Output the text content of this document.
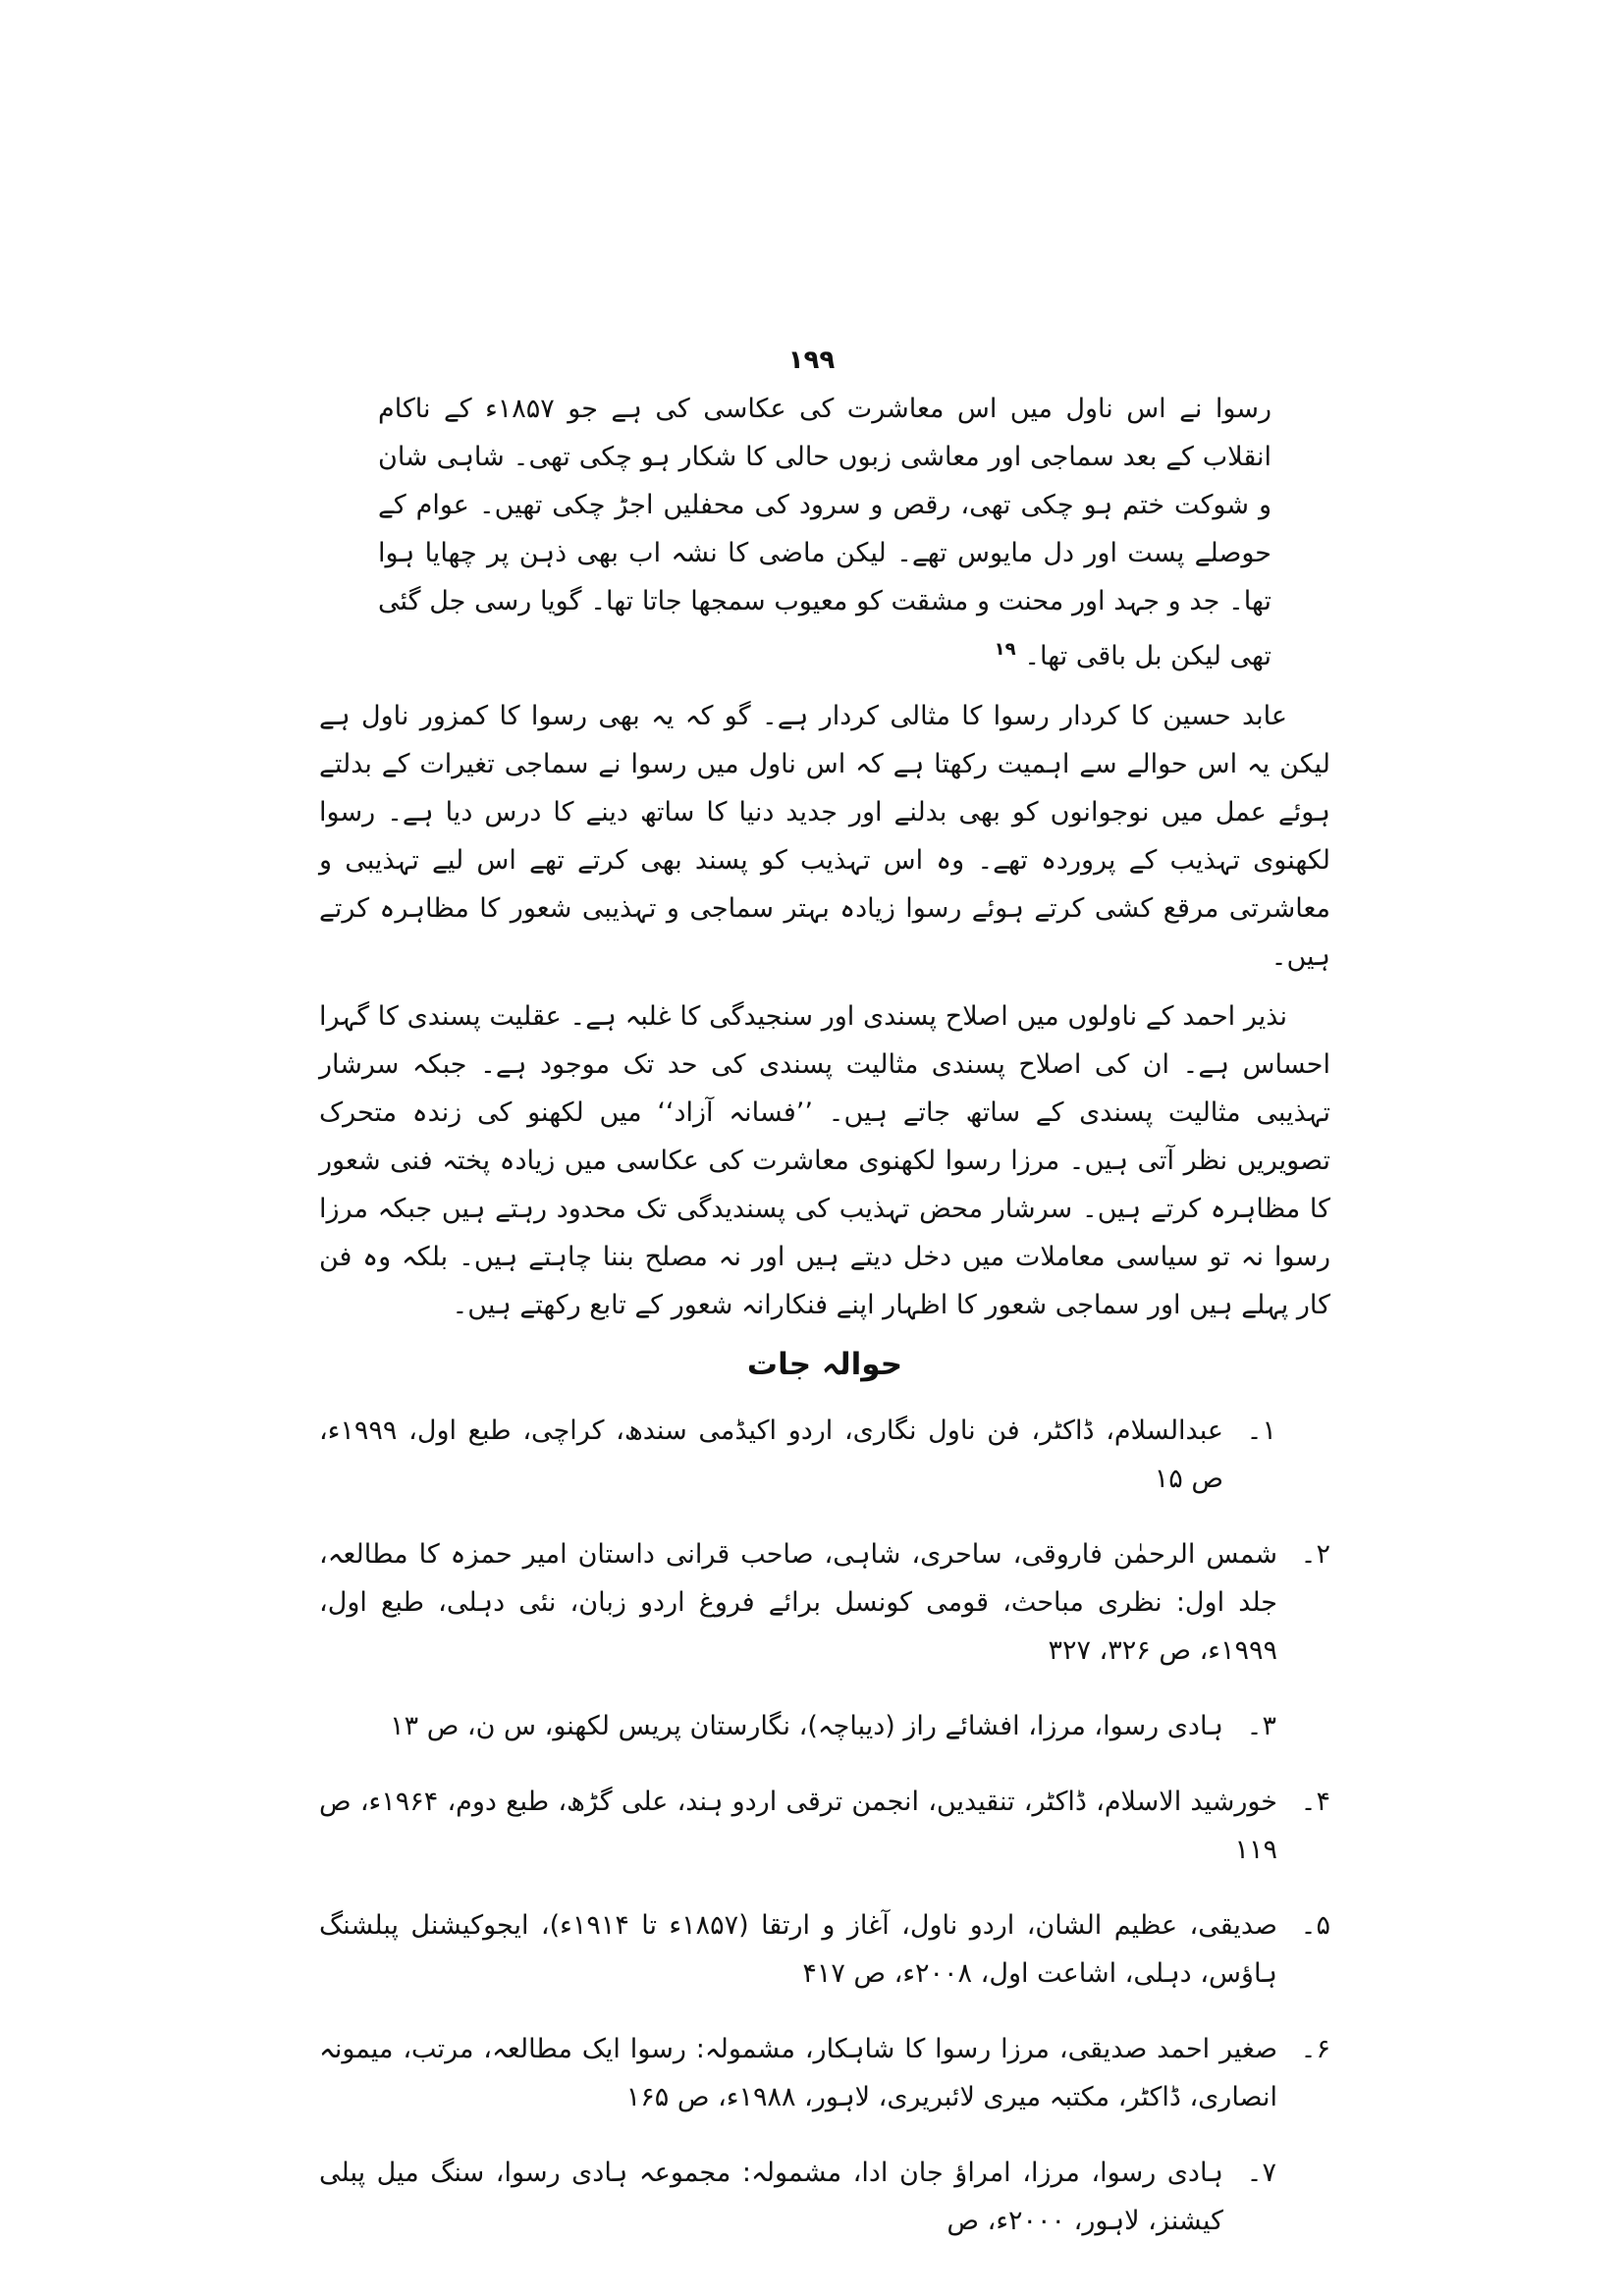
۱۹۹
رسوا نے اس ناول میں اس معاشرت کی عکاسی کی ہے جو ۱۸۵۷ء کے ناکام انقلاب کے بعد سماجی اور معاشی زبوں حالی کا شکار ہو چکی تھی۔ شاہی شان و شوکت ختم ہو چکی تھی، رقص و سرود کی محفلیں اجڑ چکی تھیں۔ عوام کے حوصلے پست اور دل مایوس تھے۔ لیکن ماضی کا نشہ اب بھی ذہن پر چھایا ہوا تھا۔ جد و جہد اور محنت و مشقت کو معیوب سمجھا جاتا تھا۔ گویا رسی جل گئی تھی لیکن بل باقی تھا۔ $^{۱۹}$

عابد حسین کا کردار رسوا کا مثالی کردار ہے۔ گو کہ یہ بھی رسوا کا کمزور ناول ہے لیکن یہ اس حوالے سے اہمیت رکھتا ہے کہ اس ناول میں رسوا نے سماجی تغیرات کے بدلتے ہوئے عمل میں نوجوانوں کو بھی بدلنے اور جدید دنیا کا ساتھ دینے کا درس دیا ہے۔ رسوا لکھنوی تہذیب کے پروردہ تھے۔ وہ اس تہذیب کو پسند بھی کرتے تھے اس لیے تہذیبی و معاشرتی مرقع کشی کرتے ہوئے رسوا زیادہ بہتر سماجی و تہذیبی شعور کا مظاہرہ کرتے ہیں۔

نذیر احمد کے ناولوں میں اصلاح پسندی اور سنجیدگی کا غلبہ ہے۔ عقلیت پسندی کا گہرا احساس ہے۔ ان کی اصلاح پسندی مثالیت پسندی کی حد تک موجود ہے۔ جبکہ سرشار تہذیبی مثالیت پسندی کے ساتھ جاتے ہیں۔ ’’فسانہ آزاد‘‘ میں لکھنو کی زندہ متحرک تصویریں نظر آتی ہیں۔ مرزا رسوا لکھنوی معاشرت کی عکاسی میں زیادہ پختہ فنی شعور کا مظاہرہ کرتے ہیں۔ سرشار محض تہذیب کی پسندیدگی تک محدود رہتے ہیں جبکہ مرزا رسوا نہ تو سیاسی معاملات میں دخل دیتے ہیں اور نہ مصلح بننا چاہتے ہیں۔ بلکہ وہ فن کار پہلے ہیں اور سماجی شعور کا اظہار اپنے فنکارانہ شعور کے تابع رکھتے ہیں۔

حوالہ جات
۱۔
عبدالسلام، ڈاکٹر، فن ناول نگاری، اردو اکیڈمی سندھ، کراچی، طبع اول، ۱۹۹۹ء، ص ۱۵
۲۔
شمس الرحمٰن فاروقی، ساحری، شاہی، صاحب قرانی داستان امیر حمزہ کا مطالعہ، جلد اول: نظری مباحث، قومی کونسل برائے فروغ اردو زبان، نئی دہلی، طبع اول، ۱۹۹۹ء، ص ۳۲۶، ۳۲۷
۳۔
ہادی رسوا، مرزا، افشائے راز (دیباچہ)، نگارستان پریس لکھنو، س ن، ص ۱۳
۴۔
خورشید الاسلام، ڈاکٹر، تنقیدیں، انجمن ترقی اردو ہند، علی گڑھ، طبع دوم، ۱۹۶۴ء، ص ۱۱۹
۵۔
صدیقی، عظیم الشان، اردو ناول، آغاز و ارتقا (۱۸۵۷ء تا ۱۹۱۴ء)، ایجوکیشنل پبلشنگ ہاؤس، دہلی، اشاعت اول، ۲۰۰۸ء، ص ۴۱۷
۶۔
صغیر احمد صدیقی، مرزا رسوا کا شاہکار، مشمولہ: رسوا ایک مطالعہ، مرتب، میمونہ انصاری، ڈاکٹر، مکتبہ میری لائبریری، لاہور، ۱۹۸۸ء، ص ۱۶۵
۷۔
ہادی رسوا، مرزا، امراؤ جان ادا، مشمولہ: مجموعہ ہادی رسوا، سنگ میل پبلی کیشنز، لاہور، ۲۰۰۰ء، ص
